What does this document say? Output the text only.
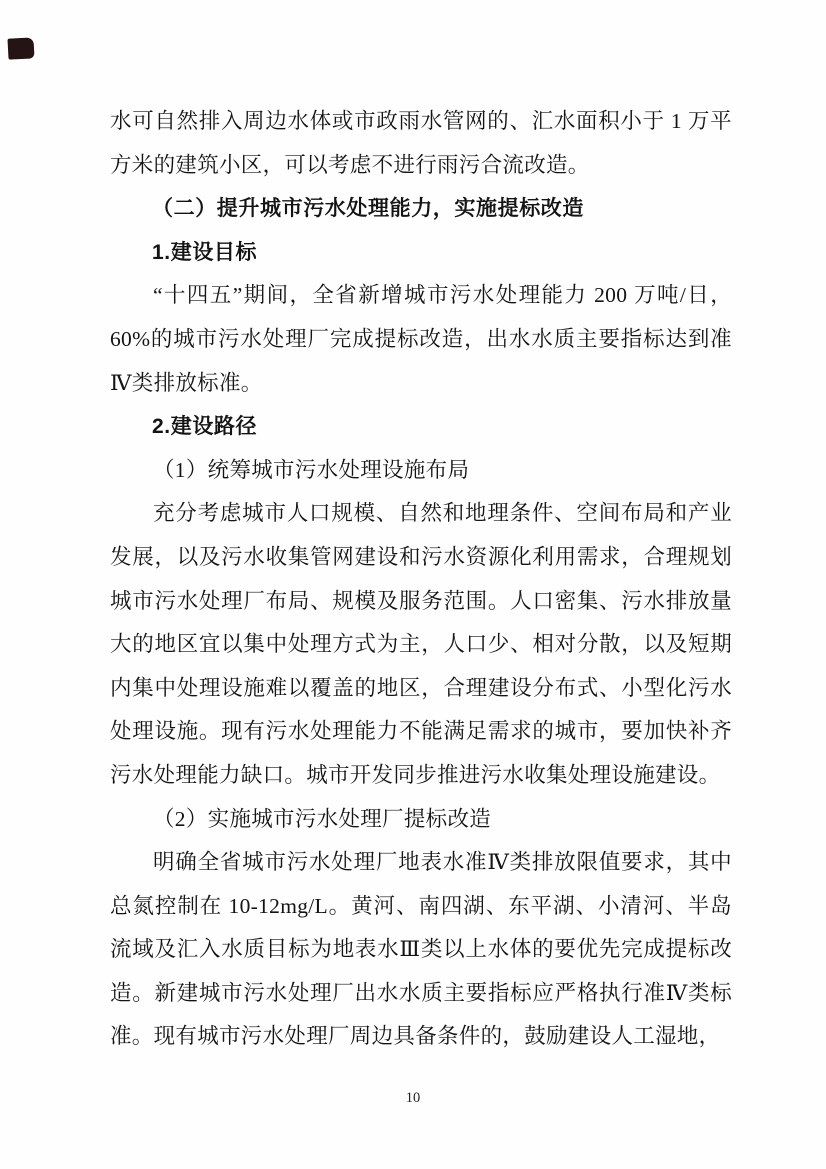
水可自然排入周边水体或市政雨水管网的、汇水面积小于 1 万平方米的建筑小区，可以考虑不进行雨污合流改造。

（二）提升城市污水处理能力，实施提标改造

1.建设目标

“十四五”期间，全省新增城市污水处理能力 200 万吨/日，60%的城市污水处理厂完成提标改造，出水水质主要指标达到准Ⅳ类排放标准。

2.建设路径

（1）统筹城市污水处理设施布局

充分考虑城市人口规模、自然和地理条件、空间布局和产业发展，以及污水收集管网建设和污水资源化利用需求，合理规划城市污水处理厂布局、规模及服务范围。人口密集、污水排放量大的地区宜以集中处理方式为主，人口少、相对分散，以及短期内集中处理设施难以覆盖的地区，合理建设分布式、小型化污水处理设施。现有污水处理能力不能满足需求的城市，要加快补齐污水处理能力缺口。城市开发同步推进污水收集处理设施建设。

（2）实施城市污水处理厂提标改造

明确全省城市污水处理厂地表水准Ⅳ类排放限值要求，其中总氮控制在 10-12mg/L。黄河、南四湖、东平湖、小清河、半岛流域及汇入水质目标为地表水Ⅲ类以上水体的要优先完成提标改造。新建城市污水处理厂出水水质主要指标应严格执行准Ⅳ类标准。现有城市污水处理厂周边具备条件的，鼓励建设人工湿地，

10
